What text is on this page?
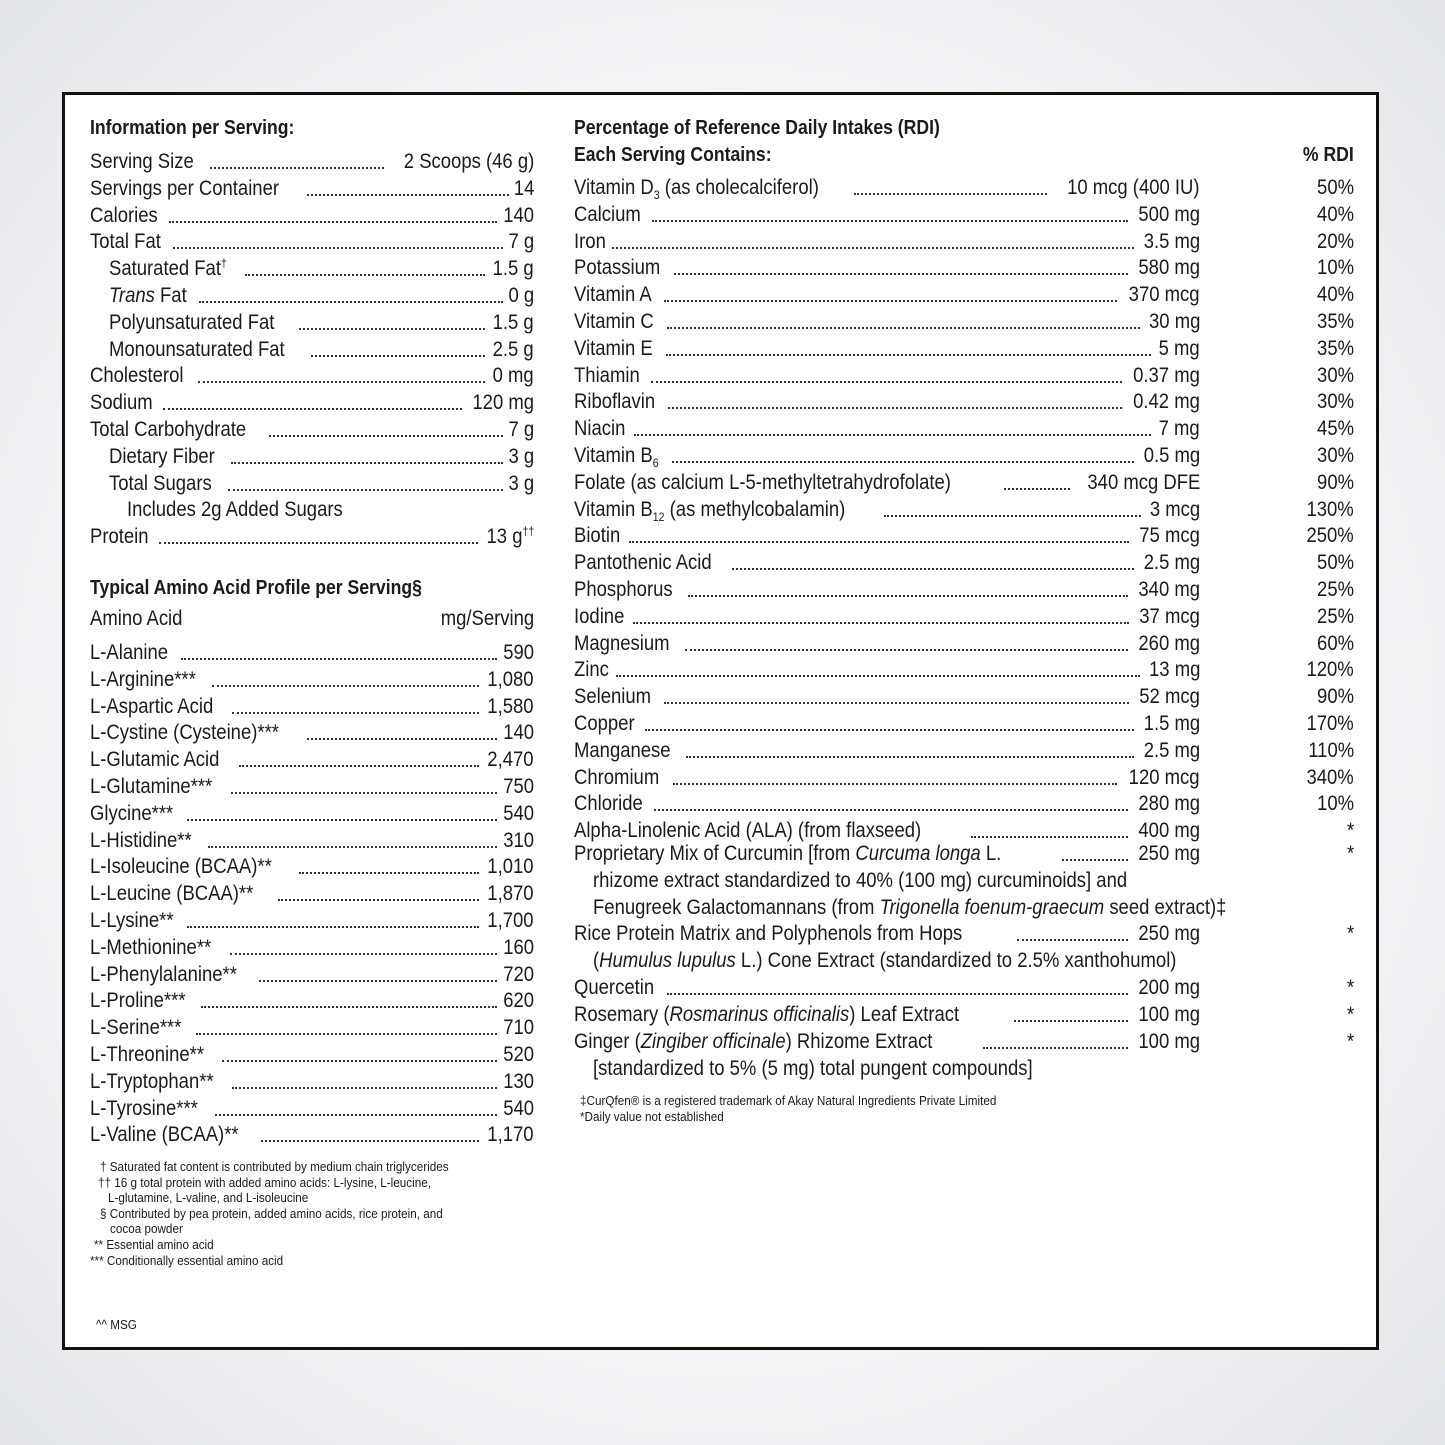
Information per Serving:
Serving Size	2 Scoops (46 g)
Servings per Container	14
Calories	140
Total Fat	7 g
Saturated Fat†	1.5 g
Trans Fat	0 g
Polyunsaturated Fat	1.5 g
Monounsaturated Fat	2.5 g
Cholesterol	0 mg
Sodium	120 mg
Total Carbohydrate	7 g
Dietary Fiber	3 g
Total Sugars	3 g
Includes 2g Added Sugars
Protein	13 g††
Typical Amino Acid Profile per Serving§
Amino Acid	mg/Serving
L-Alanine	590
L-Arginine***	1,080
L-Aspartic Acid	1,580
L-Cystine (Cysteine)***	140
L-Glutamic Acid	2,470
L-Glutamine***	750
Glycine***	540
L-Histidine**	310
L-Isoleucine (BCAA)**	1,010
L-Leucine (BCAA)**	1,870
L-Lysine**	1,700
L-Methionine**	160
L-Phenylalanine**	720
L-Proline***	620
L-Serine***	710
L-Threonine**	520
L-Tryptophan**	130
L-Tyrosine***	540
L-Valine (BCAA)**	1,170
† Saturated fat content is contributed by medium chain triglycerides
†† 16 g total protein with added amino acids: L-lysine, L-leucine,
L-glutamine, L-valine, and L-isoleucine
§ Contributed by pea protein, added amino acids, rice protein, and
cocoa powder
** Essential amino acid
*** Conditionally essential amino acid
^^ MSG
Percentage of Reference Daily Intakes (RDI)
Each Serving Contains:	% RDI
Vitamin $D_3$ (as cholecalciferol)	10 mcg (400 IU)	50%
Calcium	500 mg	40%
Iron	3.5 mg	20%
Potassium	580 mg	10%
Vitamin A	370 mcg	40%
Vitamin C	30 mg	35%
Vitamin E	5 mg	35%
Thiamin	0.37 mg	30%
Riboflavin	0.42 mg	30%
Niacin	7 mg	45%
Vitamin $B_6$	0.5 mg	30%
Folate (as calcium L-5-methyltetrahydrofolate)	340 mcg DFE	90%
Vitamin $B_{12}$ (as methylcobalamin)	3 mcg	130%
Biotin	75 mcg	250%
Pantothenic Acid	2.5 mg	50%
Phosphorus	340 mg	25%
Iodine	37 mcg	25%
Magnesium	260 mg	60%
Zinc	13 mg	120%
Selenium	52 mcg	90%
Copper	1.5 mg	170%
Manganese	2.5 mg	110%
Chromium	120 mcg	340%
Chloride	280 mg	10%
Alpha-Linolenic Acid (ALA) (from flaxseed)	400 mg	*
Proprietary Mix of Curcumin [from Curcuma longa L.	250 mg	*
rhizome extract standardized to 40% (100 mg) curcuminoids] and
Fenugreek Galactomannans (from Trigonella foenum-graecum seed extract)‡
Rice Protein Matrix and Polyphenols from Hops	250 mg	*
(Humulus lupulus L.) Cone Extract (standardized to 2.5% xanthohumol)
Quercetin	200 mg	*
Rosemary (Rosmarinus officinalis) Leaf Extract	100 mg	*
Ginger (Zingiber officinale) Rhizome Extract	100 mg	*
[standardized to 5% (5 mg) total pungent compounds]
‡CurQfen® is a registered trademark of Akay Natural Ingredients Private Limited
*Daily value not established
